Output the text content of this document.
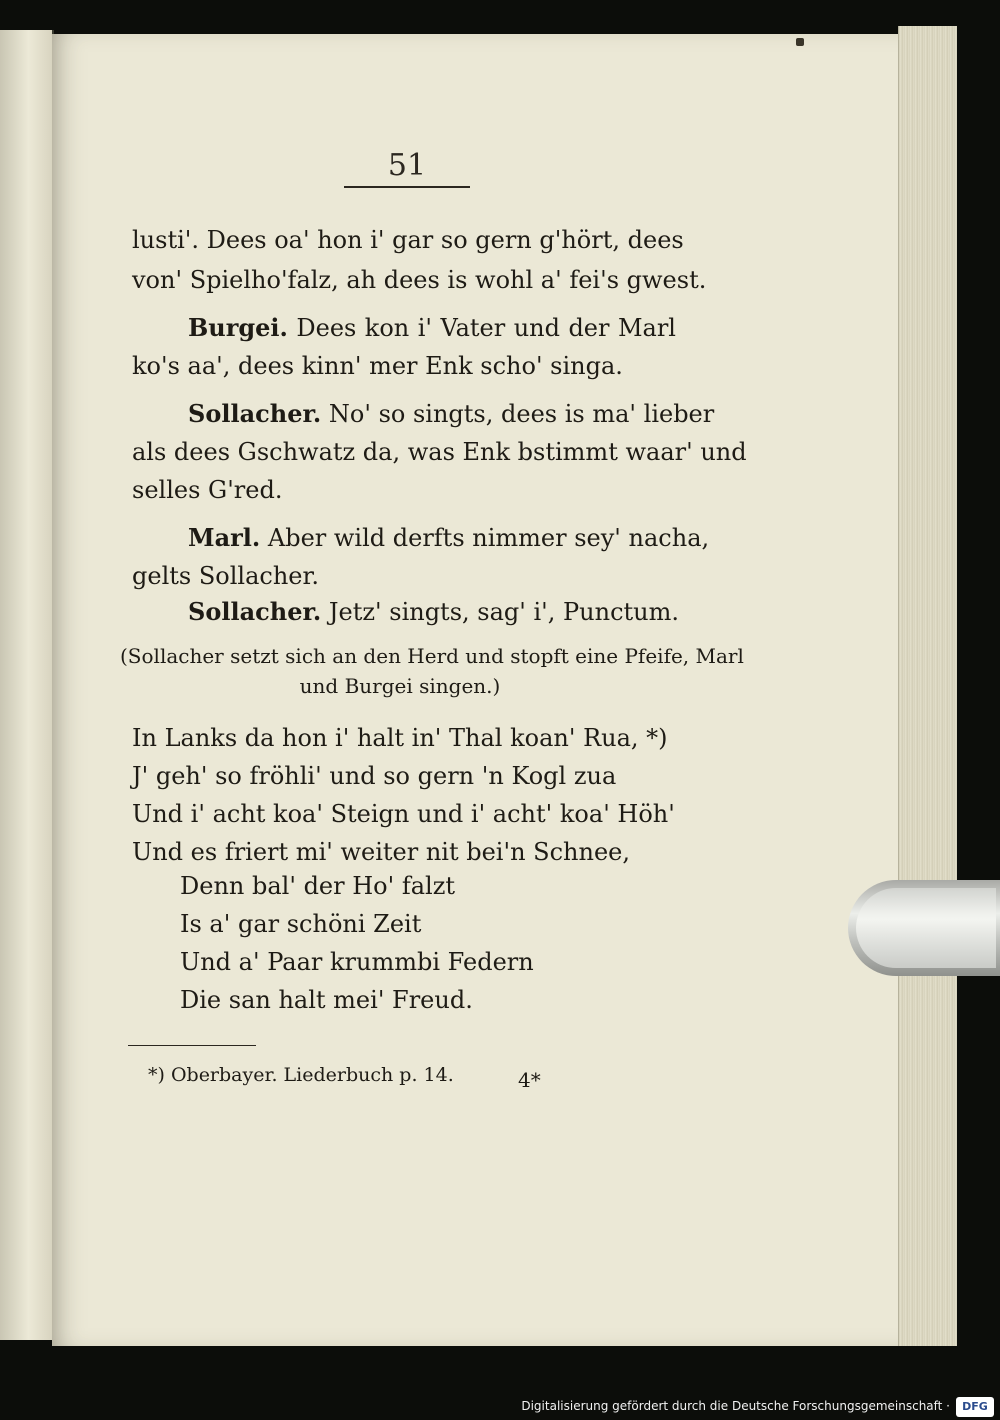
51
lusti'. Dees oa' hon i' gar so gern g'hört, dees
von' Spielho'falz, ah dees is wohl a' fei's gwest.
Burgei. Dees kon i' Vater und der Marl
ko's aa', dees kinn' mer Enk scho' singa.
Sollacher. No' so singts, dees is ma' lieber
als dees Gschwatz da, was Enk bstimmt waar' und
selles G'red.
Marl. Aber wild derfts nimmer sey' nacha,
gelts Sollacher.
Sollacher. Jetz' singts, sag' i', Punctum.
(Sollacher setzt sich an den Herd und stopft eine Pfeife, Marl
und Burgei singen.)
In Lanks da hon i' halt in' Thal koan' Rua, *)
J' geh' so fröhli' und so gern 'n Kogl zua
Und i' acht koa' Steign und i' acht' koa' Höh'
Und es friert mi' weiter nit bei'n Schnee,
Denn bal' der Ho' falzt
Is a' gar schöni Zeit
Und a' Paar krummbi Federn
Die san halt mei' Freud.
*) Oberbayer. Liederbuch p. 14.	4*
Digitalisierung gefördert durch die Deutsche Forschungsgemeinschaft ·	DFG
